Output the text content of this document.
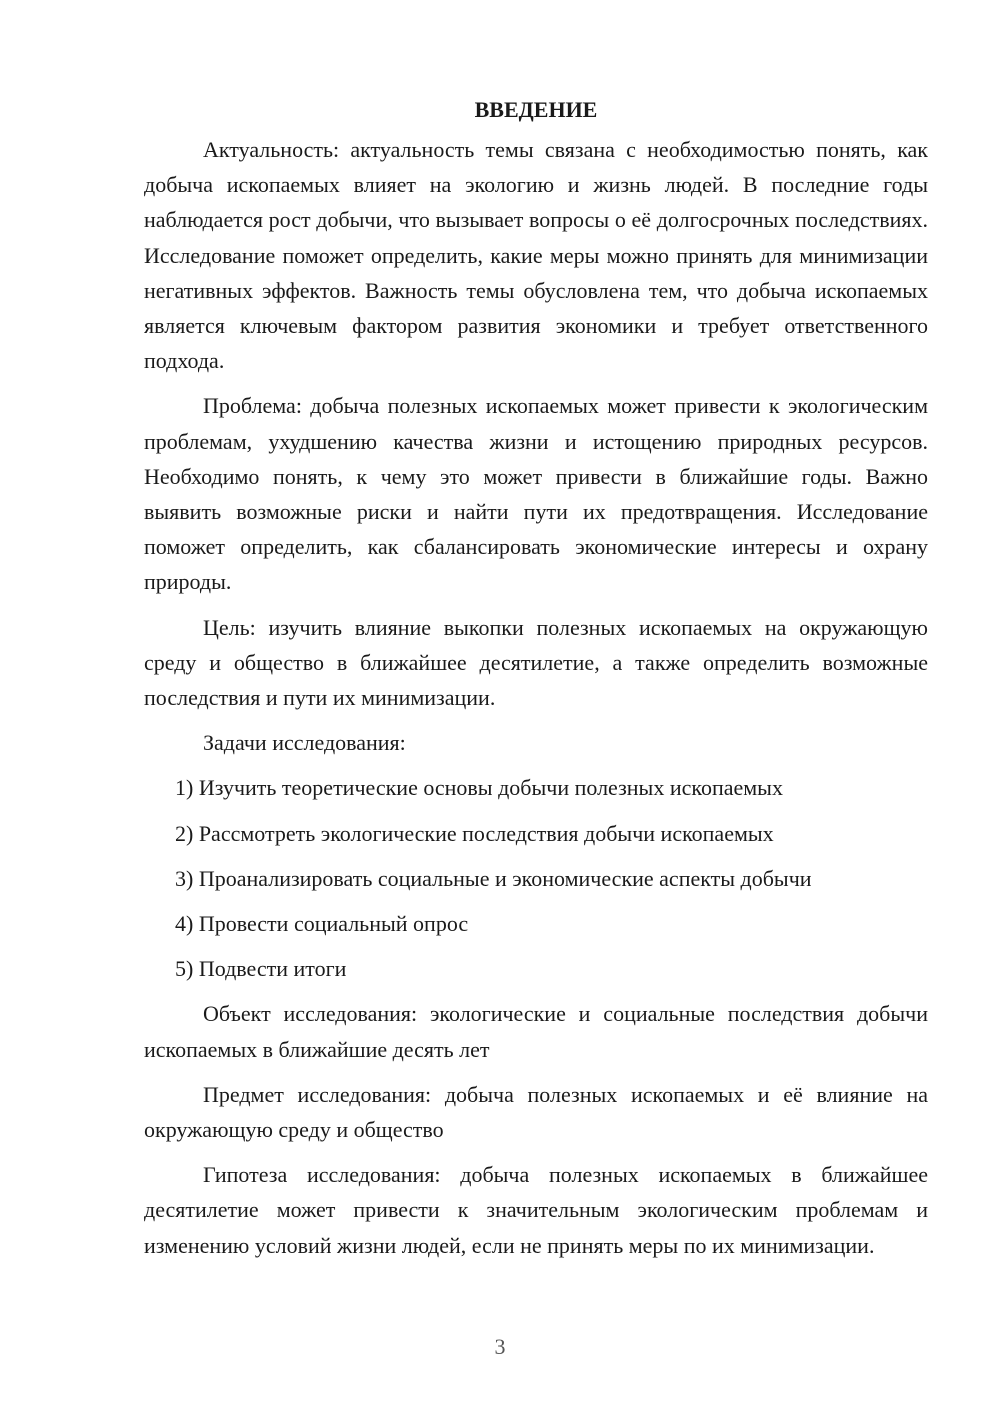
ВВЕДЕНИЕ

Актуальность: актуальность темы связана с необходимостью понять, как добыча ископаемых влияет на экологию и жизнь людей. В последние годы наблюдается рост добычи, что вызывает вопросы о её долгосрочных последствиях. Исследование поможет определить, какие меры можно принять для минимизации негативных эффектов. Важность темы обусловлена тем, что добыча ископаемых является ключевым фактором развития экономики и требует ответственного подхода.

Проблема: добыча полезных ископаемых может привести к экологическим проблемам, ухудшению качества жизни и истощению природных ресурсов. Необходимо понять, к чему это может привести в ближайшие годы. Важно выявить возможные риски и найти пути их предотвращения. Исследование поможет определить, как сбалансировать экономические интересы и охрану природы.

Цель: изучить влияние выкопки полезных ископаемых на окружающую среду и общество в ближайшее десятилетие, а также определить возможные последствия и пути их минимизации.

Задачи исследования:

1) Изучить теоретические основы добычи полезных ископаемых
2) Рассмотреть экологические последствия добычи ископаемых
3) Проанализировать социальные и экономические аспекты добычи
4) Провести социальный опрос
5) Подвести итоги

Объект исследования: экологические и социальные последствия добычи ископаемых в ближайшие десять лет

Предмет исследования: добыча полезных ископаемых и её влияние на окружающую среду и общество

Гипотеза исследования: добыча полезных ископаемых в ближайшее десятилетие может привести к значительным экологическим проблемам и изменению условий жизни людей, если не принять меры по их минимизации.

3
